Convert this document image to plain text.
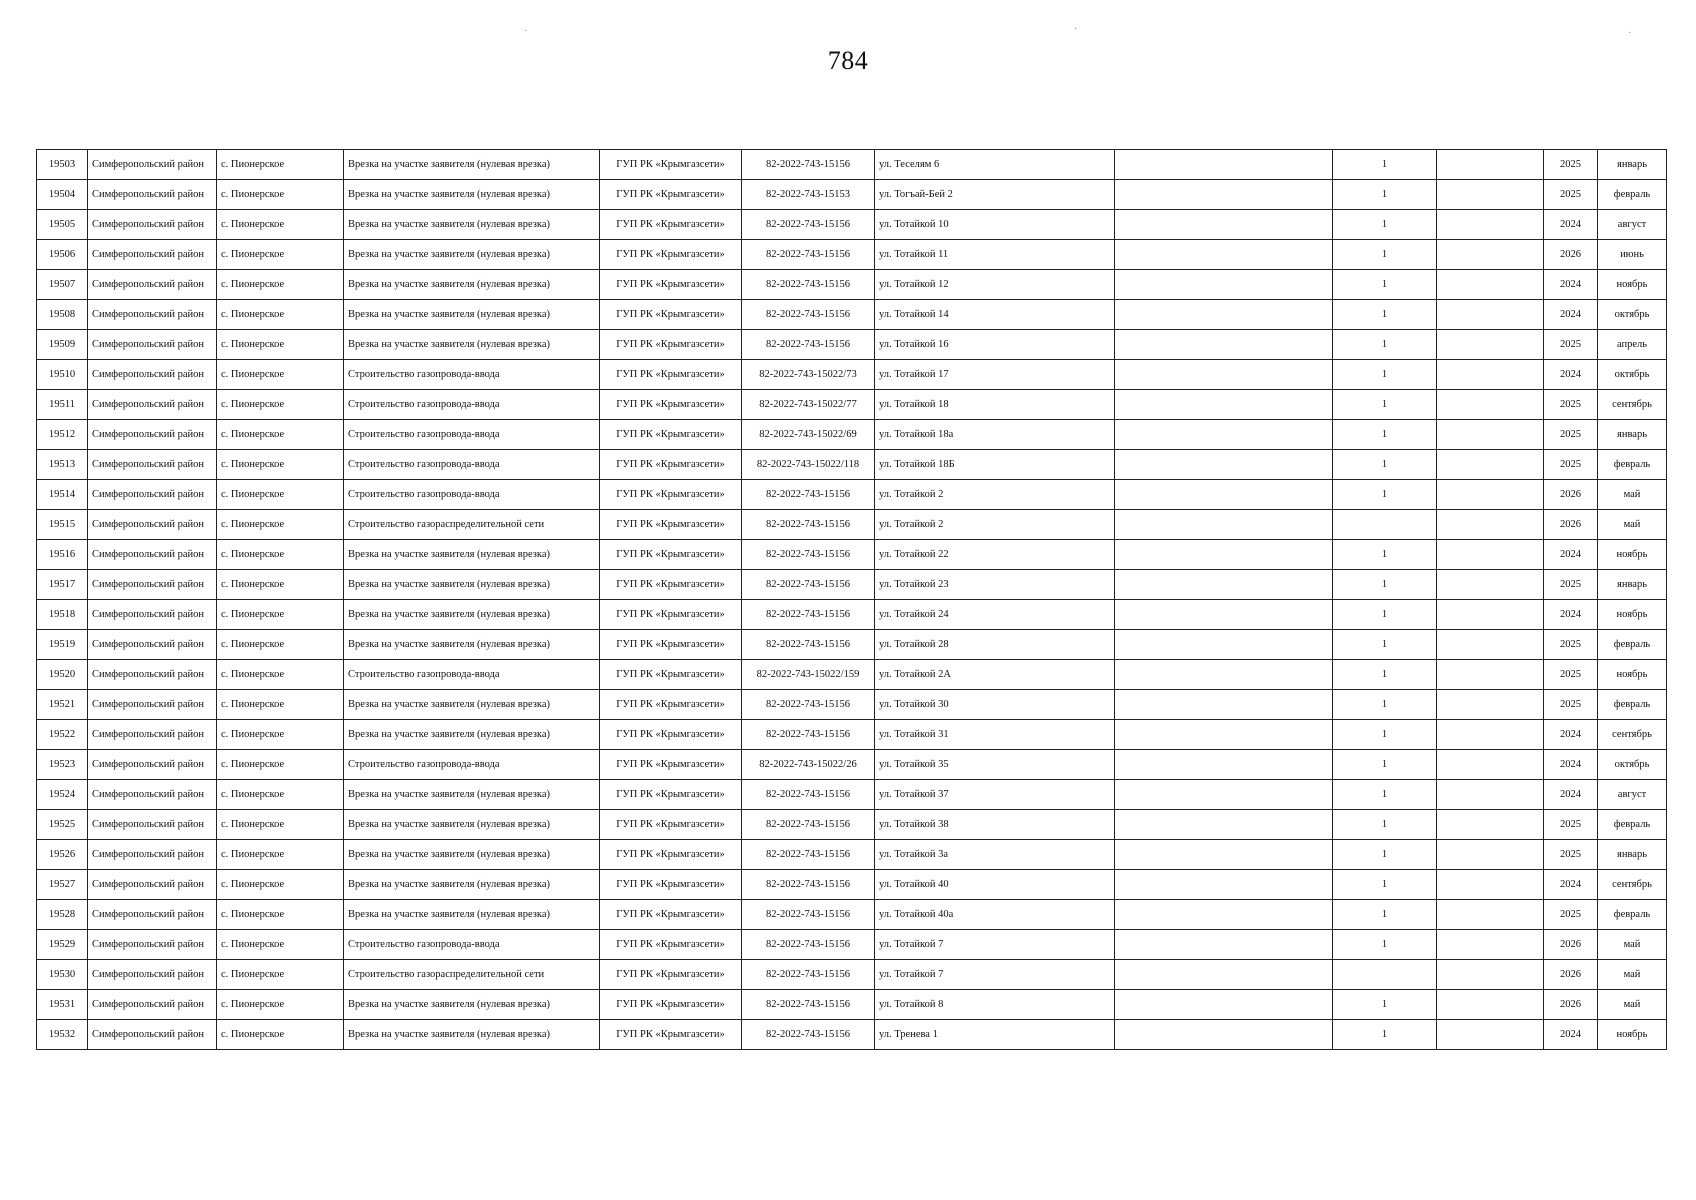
784
·	·	·
19503	Симферопольский район	с. Пионерское	Врезка на участке заявителя (нулевая врезка)	ГУП РК «Крымгазсети»	82-2022-743-15156	ул. Теселям 6		1		2025	январь
19504	Симферопольский район	с. Пионерское	Врезка на участке заявителя (нулевая врезка)	ГУП РК «Крымгазсети»	82-2022-743-15153	ул. Тогъай-Бей 2		1		2025	февраль
19505	Симферопольский район	с. Пионерское	Врезка на участке заявителя (нулевая врезка)	ГУП РК «Крымгазсети»	82-2022-743-15156	ул. Тотайкой 10		1		2024	август
19506	Симферопольский район	с. Пионерское	Врезка на участке заявителя (нулевая врезка)	ГУП РК «Крымгазсети»	82-2022-743-15156	ул. Тотайкой 11		1		2026	июнь
19507	Симферопольский район	с. Пионерское	Врезка на участке заявителя (нулевая врезка)	ГУП РК «Крымгазсети»	82-2022-743-15156	ул. Тотайкой 12		1		2024	ноябрь
19508	Симферопольский район	с. Пионерское	Врезка на участке заявителя (нулевая врезка)	ГУП РК «Крымгазсети»	82-2022-743-15156	ул. Тотайкой 14		1		2024	октябрь
19509	Симферопольский район	с. Пионерское	Врезка на участке заявителя (нулевая врезка)	ГУП РК «Крымгазсети»	82-2022-743-15156	ул. Тотайкой 16		1		2025	апрель
19510	Симферопольский район	с. Пионерское	Строительство газопровода-ввода	ГУП РК «Крымгазсети»	82-2022-743-15022/73	ул. Тотайкой 17		1		2024	октябрь
19511	Симферопольский район	с. Пионерское	Строительство газопровода-ввода	ГУП РК «Крымгазсети»	82-2022-743-15022/77	ул. Тотайкой 18		1		2025	сентябрь
19512	Симферопольский район	с. Пионерское	Строительство газопровода-ввода	ГУП РК «Крымгазсети»	82-2022-743-15022/69	ул. Тотайкой 18а		1		2025	январь
19513	Симферопольский район	с. Пионерское	Строительство газопровода-ввода	ГУП РК «Крымгазсети»	82-2022-743-15022/118	ул. Тотайкой 18Б		1		2025	февраль
19514	Симферопольский район	с. Пионерское	Строительство газопровода-ввода	ГУП РК «Крымгазсети»	82-2022-743-15156	ул. Тотайкой 2		1		2026	май
19515	Симферопольский район	с. Пионерское	Строительство газораспределительной сети	ГУП РК «Крымгазсети»	82-2022-743-15156	ул. Тотайкой 2				2026	май
19516	Симферопольский район	с. Пионерское	Врезка на участке заявителя (нулевая врезка)	ГУП РК «Крымгазсети»	82-2022-743-15156	ул. Тотайкой 22		1		2024	ноябрь
19517	Симферопольский район	с. Пионерское	Врезка на участке заявителя (нулевая врезка)	ГУП РК «Крымгазсети»	82-2022-743-15156	ул. Тотайкой 23		1		2025	январь
19518	Симферопольский район	с. Пионерское	Врезка на участке заявителя (нулевая врезка)	ГУП РК «Крымгазсети»	82-2022-743-15156	ул. Тотайкой 24		1		2024	ноябрь
19519	Симферопольский район	с. Пионерское	Врезка на участке заявителя (нулевая врезка)	ГУП РК «Крымгазсети»	82-2022-743-15156	ул. Тотайкой 28		1		2025	февраль
19520	Симферопольский район	с. Пионерское	Строительство газопровода-ввода	ГУП РК «Крымгазсети»	82-2022-743-15022/159	ул. Тотайкой 2А		1		2025	ноябрь
19521	Симферопольский район	с. Пионерское	Врезка на участке заявителя (нулевая врезка)	ГУП РК «Крымгазсети»	82-2022-743-15156	ул. Тотайкой 30		1		2025	февраль
19522	Симферопольский район	с. Пионерское	Врезка на участке заявителя (нулевая врезка)	ГУП РК «Крымгазсети»	82-2022-743-15156	ул. Тотайкой 31		1		2024	сентябрь
19523	Симферопольский район	с. Пионерское	Строительство газопровода-ввода	ГУП РК «Крымгазсети»	82-2022-743-15022/26	ул. Тотайкой 35		1		2024	октябрь
19524	Симферопольский район	с. Пионерское	Врезка на участке заявителя (нулевая врезка)	ГУП РК «Крымгазсети»	82-2022-743-15156	ул. Тотайкой 37		1		2024	август
19525	Симферопольский район	с. Пионерское	Врезка на участке заявителя (нулевая врезка)	ГУП РК «Крымгазсети»	82-2022-743-15156	ул. Тотайкой 38		1		2025	февраль
19526	Симферопольский район	с. Пионерское	Врезка на участке заявителя (нулевая врезка)	ГУП РК «Крымгазсети»	82-2022-743-15156	ул. Тотайкой 3а		1		2025	январь
19527	Симферопольский район	с. Пионерское	Врезка на участке заявителя (нулевая врезка)	ГУП РК «Крымгазсети»	82-2022-743-15156	ул. Тотайкой 40		1		2024	сентябрь
19528	Симферопольский район	с. Пионерское	Врезка на участке заявителя (нулевая врезка)	ГУП РК «Крымгазсети»	82-2022-743-15156	ул. Тотайкой 40а		1		2025	февраль
19529	Симферопольский район	с. Пионерское	Строительство газопровода-ввода	ГУП РК «Крымгазсети»	82-2022-743-15156	ул. Тотайкой 7		1		2026	май
19530	Симферопольский район	с. Пионерское	Строительство газораспределительной сети	ГУП РК «Крымгазсети»	82-2022-743-15156	ул. Тотайкой 7				2026	май
19531	Симферопольский район	с. Пионерское	Врезка на участке заявителя (нулевая врезка)	ГУП РК «Крымгазсети»	82-2022-743-15156	ул. Тотайкой 8		1		2026	май
19532	Симферопольский район	с. Пионерское	Врезка на участке заявителя (нулевая врезка)	ГУП РК «Крымгазсети»	82-2022-743-15156	ул. Тренева 1		1		2024	ноябрь
